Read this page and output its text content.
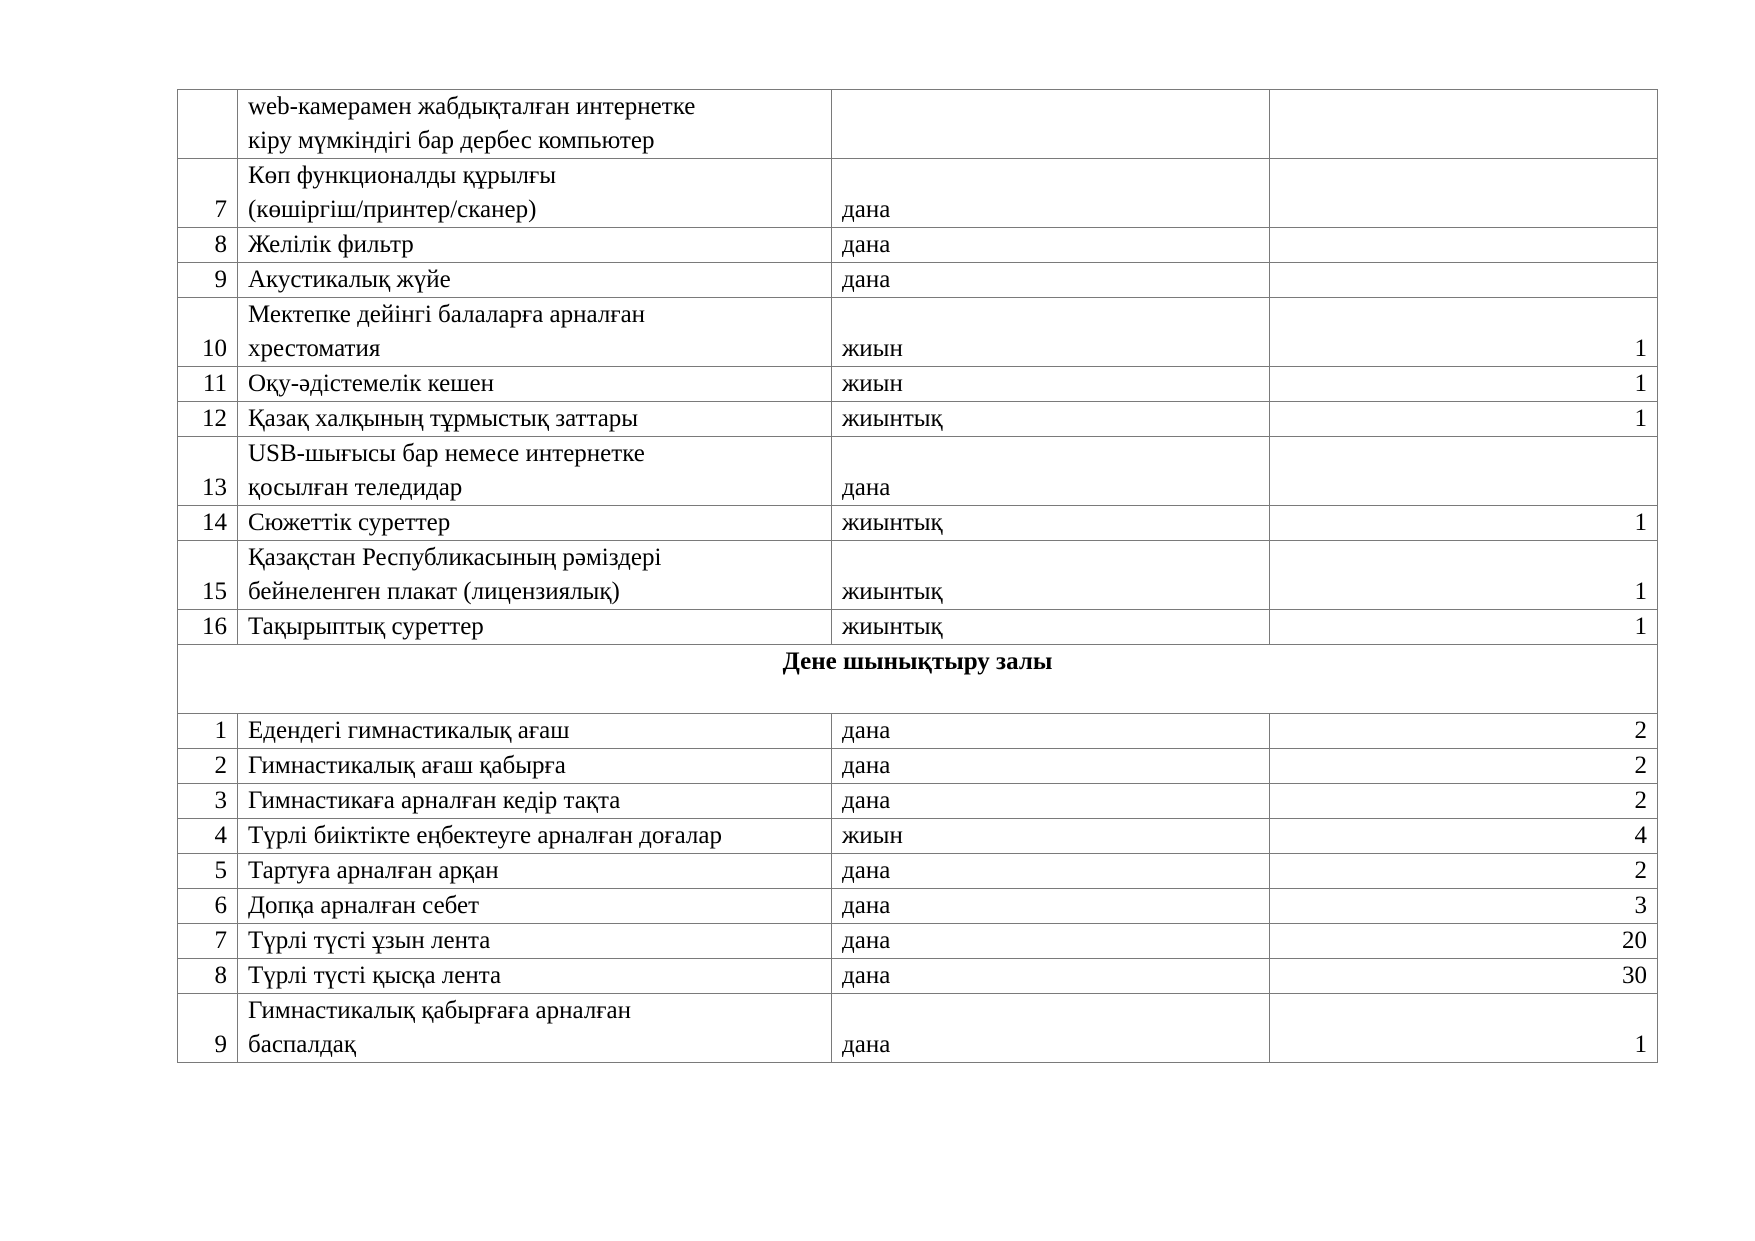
	web-камерамен жабдықталған интернетке
кіру мүмкіндігі бар дербес компьютер		
7	Көп функционалды құрылғы
(көшіргіш/принтер/сканер)	дана	
8	Желілік фильтр	дана	
9	Акустикалық жүйе	дана	
10	Мектепке дейінгі балаларға арналған
хрестоматия	жиын	1
11	Оқу-әдістемелік кешен	жиын	1
12	Қазақ халқының тұрмыстық заттары	жиынтық	1
13	USB-шығысы бар немесе интернетке
қосылған теледидар	дана	
14	Сюжеттік суреттер	жиынтық	1
15	Қазақстан Республикасының рәміздері
бейнеленген плакат (лицензиялық)	жиынтық	1
16	Тақырыптық суреттер	жиынтық	1
Дене шынықтыру залы			
1	Едендегі гимнастикалық ағаш	дана	2
2	Гимнастикалық ағаш қабырға	дана	2
3	Гимнастикаға арналған кедір тақта	дана	2
4	Түрлі биіктікте еңбектеуге арналған доғалар	жиын	4
5	Тартуға арналған арқан	дана	2
6	Допқа арналған себет	дана	3
7	Түрлі түсті ұзын лента	дана	20
8	Түрлі түсті қысқа лента	дана	30
9	Гимнастикалық қабырғаға арналған
баспалдақ	дана	1
